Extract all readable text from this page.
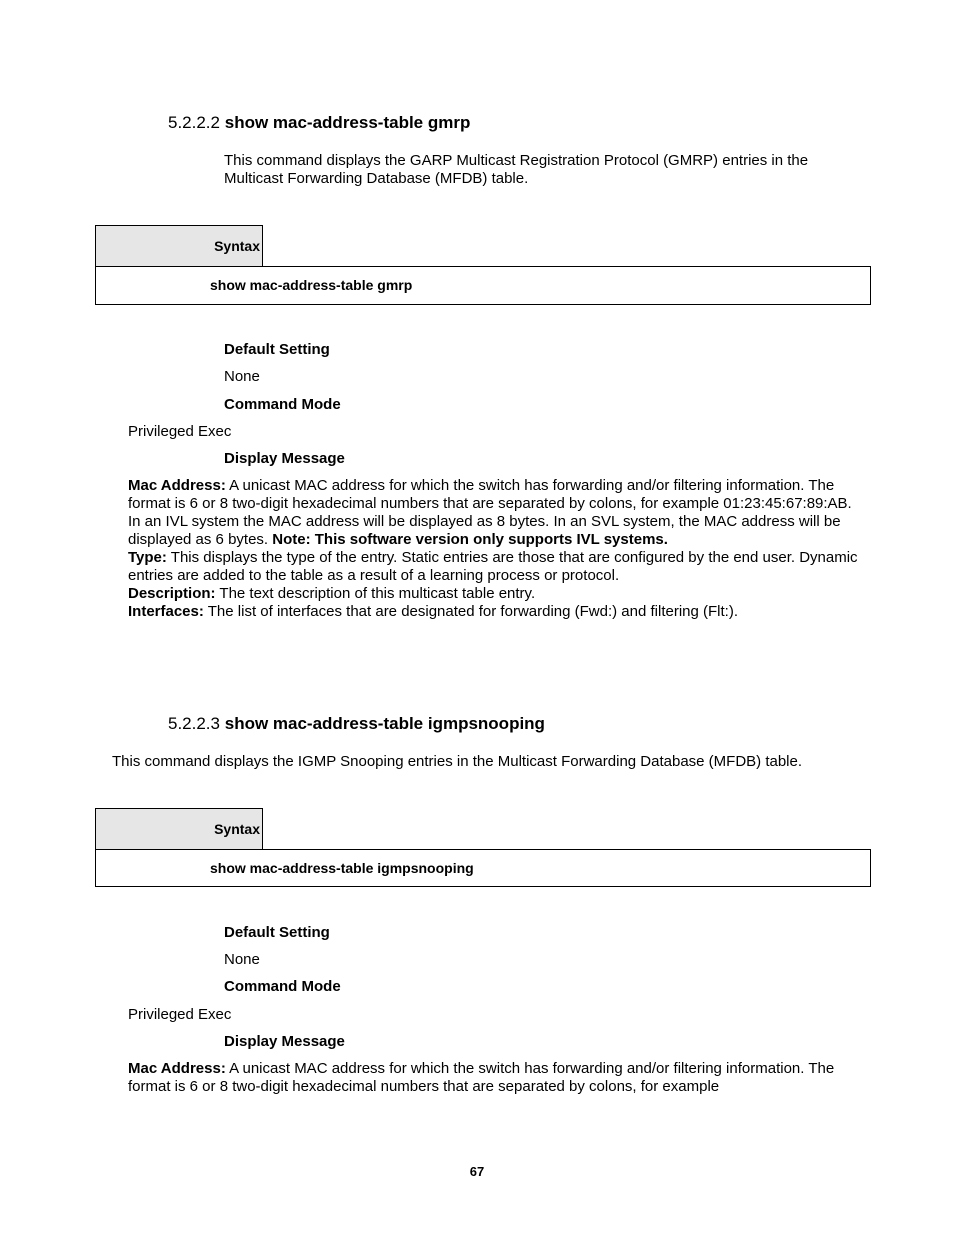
5.2.2.2 show mac-address-table gmrp
This command displays the GARP Multicast Registration Protocol (GMRP) entries in the Multicast Forwarding Database (MFDB) table.
Syntax
show mac-address-table gmrp
Default Setting
None
Command Mode
Privileged Exec
Display Message
Mac Address: A unicast MAC address for which the switch has forwarding and/or filtering information. The format is 6 or 8 two-digit hexadecimal numbers that are separated by colons, for example 01:23:45:67:89:AB. In an IVL system the MAC address will be displayed as 8 bytes. In an SVL system, the MAC address will be displayed as 6 bytes. Note: This software version only supports IVL systems.
Type: This displays the type of the entry. Static entries are those that are configured by the end user. Dynamic entries are added to the table as a result of a learning process or protocol.
Description: The text description of this multicast table entry.
Interfaces: The list of interfaces that are designated for forwarding (Fwd:) and filtering (Flt:).
5.2.2.3 show mac-address-table igmpsnooping
This command displays the IGMP Snooping entries in the Multicast Forwarding Database (MFDB) table.
Syntax
show mac-address-table igmpsnooping
Default Setting
None
Command Mode
Privileged Exec
Display Message
Mac Address: A unicast MAC address for which the switch has forwarding and/or filtering information. The format is 6 or 8 two-digit hexadecimal numbers that are separated by colons, for example
67
